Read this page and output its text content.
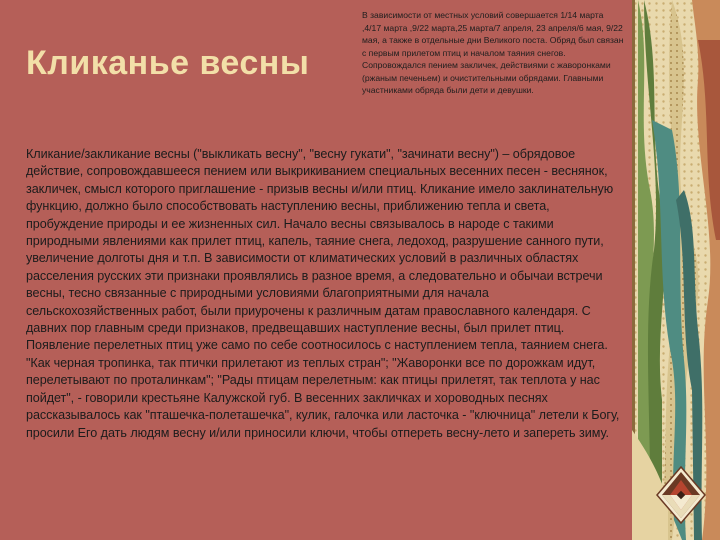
Кликанье весны

В зависимости от местных условий совершается 1/14 марта ,4/17 марта ,9/22 марта,25 марта/7 апреля, 23 апреля/6 мая, 9/22 мая, а также в отдельные дни Великого поста. Обряд был связан с первым прилетом птиц и началом таяния снегов. Сопровождался пением закличек, действиями с жаворонками (ржаным печеньем) и очистительными обрядами. Главными участниками обряда были дети и девушки.

Кликание/закликание весны ("выкликать весну", "весну гукати", "зачинати весну") – обрядовое действие, сопровождавшееся пением или выкрикиванием специальных весенних песен - веснянок, закличек, смысл которого приглашение - призыв весны и/или птиц. Кликание имело заклинательную функцию, должно было способствовать наступлению весны, приближению тепла и света, пробуждение природы и ее жизненных сил. Начало весны связывалось в народе с такими природными явлениями как прилет птиц, капель, таяние снега, ледоход, разрушение санного пути, увеличение долготы дня и т.п. В зависимости от климатических условий в различных областях расселения русских эти признаки проявлялись в разное время, а следовательно и обычаи встречи весны, тесно связанные с природными условиями благоприятными для начала сельскохозяйственных работ, были приурочены к различным датам православного календаря. С давних пор главным среди признаков, предвещавших наступление весны, был прилет птиц. Появление перелетных птиц уже само по себе соотносилось с наступлением тепла, таянием снега. "Как черная тропинка, так птички прилетают из теплых стран"; "Жаворонки все по дорожкам идут, перелетывают по проталинкам"; "Рады птицам перелетным: как птицы прилетят, так теплота у нас пойдет", - говорили крестьяне Калужской губ. В весенних закличках и хороводных песнях рассказывалось как "пташечка-полеташечка", кулик, галочка или ласточка - "ключница" летели к Богу, просили Его дать людям весну и/или приносили ключи, чтобы отпереть весну-лето и запереть зиму.
